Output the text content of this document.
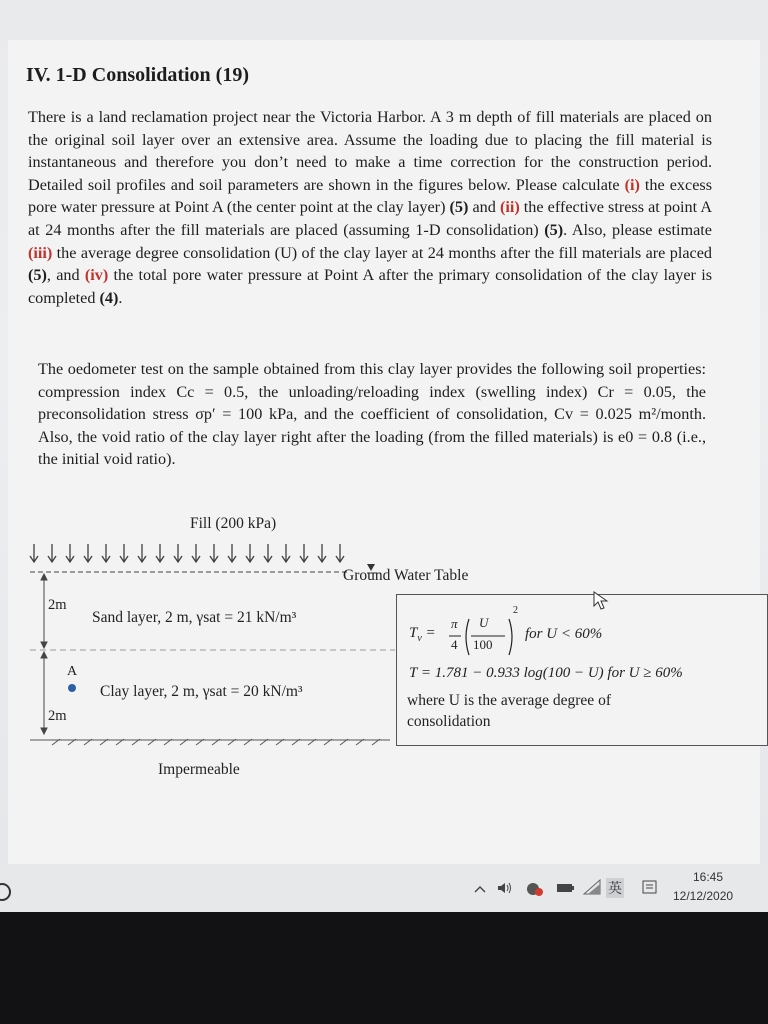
IV. 1-D Consolidation (19)
There is a land reclamation project near the Victoria Harbor. A 3 m depth of fill materials are placed on the original soil layer over an extensive area. Assume the loading due to placing the fill material is instantaneous and therefore you don’t need to make a time correction for the construction period. Detailed soil profiles and soil parameters are shown in the figures below. Please calculate (i) the excess pore water pressure at Point A (the center point at the clay layer) (5) and (ii) the effective stress at point A at 24 months after the fill materials are placed (assuming 1-D consolidation) (5). Also, please estimate (iii) the average degree consolidation (U) of the clay layer at 24 months after the fill materials are placed (5), and (iv) the total pore water pressure at Point A after the primary consolidation of the clay layer is completed (4).
The oedometer test on the sample obtained from this clay layer provides the following soil properties: compression index Cc = 0.5, the unloading/reloading index (swelling index) Cr = 0.05, the preconsolidation stress σp′ = 100 kPa, and the coefficient of consolidation, Cv = 0.025 m²/month. Also, the void ratio of the clay layer right after the loading (from the filled materials) is e0 = 0.8 (i.e., the initial void ratio).
Fill (200 kPa)
Ground Water Table
2m
Sand layer, 2 m, γsat = 21 kN/m³
A
Clay layer, 2 m, γsat = 20 kN/m³
2m
Impermeable
$T_v$ =
π
4
U
100
2
for U < 60%
T = 1.781 − 0.933 log(100 − U) for U ≥ 60%
where U is the average degree of
consolidation
英
16:45
12/12/2020
